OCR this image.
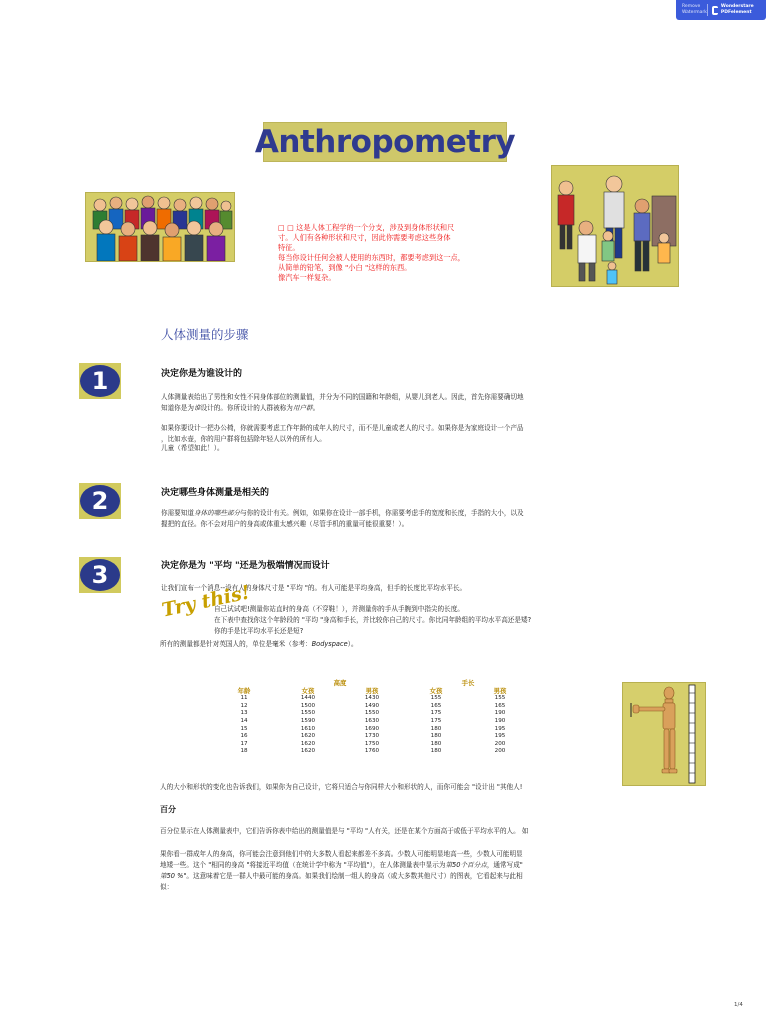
Remove Watermark
Wonderstare PDFelement
Anthropometry
□ □ 这是人体工程学的一个分支，涉及到身体形状和尺
寸。人们有各种形状和尺寸，因此你需要考虑这些身体
特征。
每当你设计任何会被人使用的东西时，都要考虑到这一点，
从简单的铅笔，到像 "小白 "这样的东西。
像汽车一样复杂。
人体测量的步骤
1	决定你是为谁设计的
人体测量表给出了男性和女性不同身体部位的测量值，并分为不同的国籍和年龄组，从婴儿到老人。因此，首先你需要确切地
知道你是为谁设计的。你所设计的人群被称为用户群。
如果你要设计一把办公椅，你就需要考虑工作年龄的成年人的尺寸，而不是儿童或老人的尺寸。如果你是为家庭设计一个产品
，比如水壶，你的用户群将包括除年轻人以外的所有人。
儿童（希望如此！）。
2	决定哪些身体测量是相关的
你需要知道身体的哪些部分与你的设计有关。例如，如果你在设计一部手机，你需要考虑手的宽度和长度，手指的大小，以及
握把的直径。你不会对用户的身高或体重太感兴趣（尽管手机的重量可能很重要！）。
3	决定你是为 "平均 "还是为极端情况而设计
让我们宣布一个消息--没有人的身体尺寸是 "平均 "的。有人可能是平均身高，但手的长度比平均水平长。
Try this!
自己试试吧!测量你站直时的身高（不穿鞋！），并测量你的手从手腕到中指尖的长度。
在下表中查找你这个年龄段的 "平均 "身高和手长，并比较你自己的尺寸。你比同年龄组的平均水平高还是矮?
你的手是比平均水平长还是短?
所有的测量都是针对英国人的，单位是毫米（参考：Bodyspace）。
	高度		手长	
年龄	女孩	男孩	女孩	男孩
11	1440	1430	155	155
12	1500	1490	165	165
13	1550	1550	175	190
14	1590	1630	175	190
15	1610	1690	180	195
16	1620	1730	180	195
17	1620	1750	180	200
18	1620	1760	180	200
人的大小和形状的变化也告诉我们，如果你为自己设计，它将只适合与你同样大小和形状的人，而你可能会 "设计出 "其他人!
百分
百分位显示在人体测量表中，它们告诉你表中给出的测量值是与 "平均 "人有关，还是在某个方面高于或低于平均水平的人。 如
果你看一群成年人的身高，你可能会注意到他们中的大多数人看起来都差不多高。少数人可能明显地高一些，少数人可能明显
地矮一些。这个 "相同的身高 "将接近平均值（在统计学中称为 "平均值"），在人体测量表中显示为第50个百分点，通常写成"
第50 %"。这意味着它是一群人中最可能的身高。如果我们绘制一组人的身高（或大多数其他尺寸）的图表，它看起来与此相
似：
1/4
